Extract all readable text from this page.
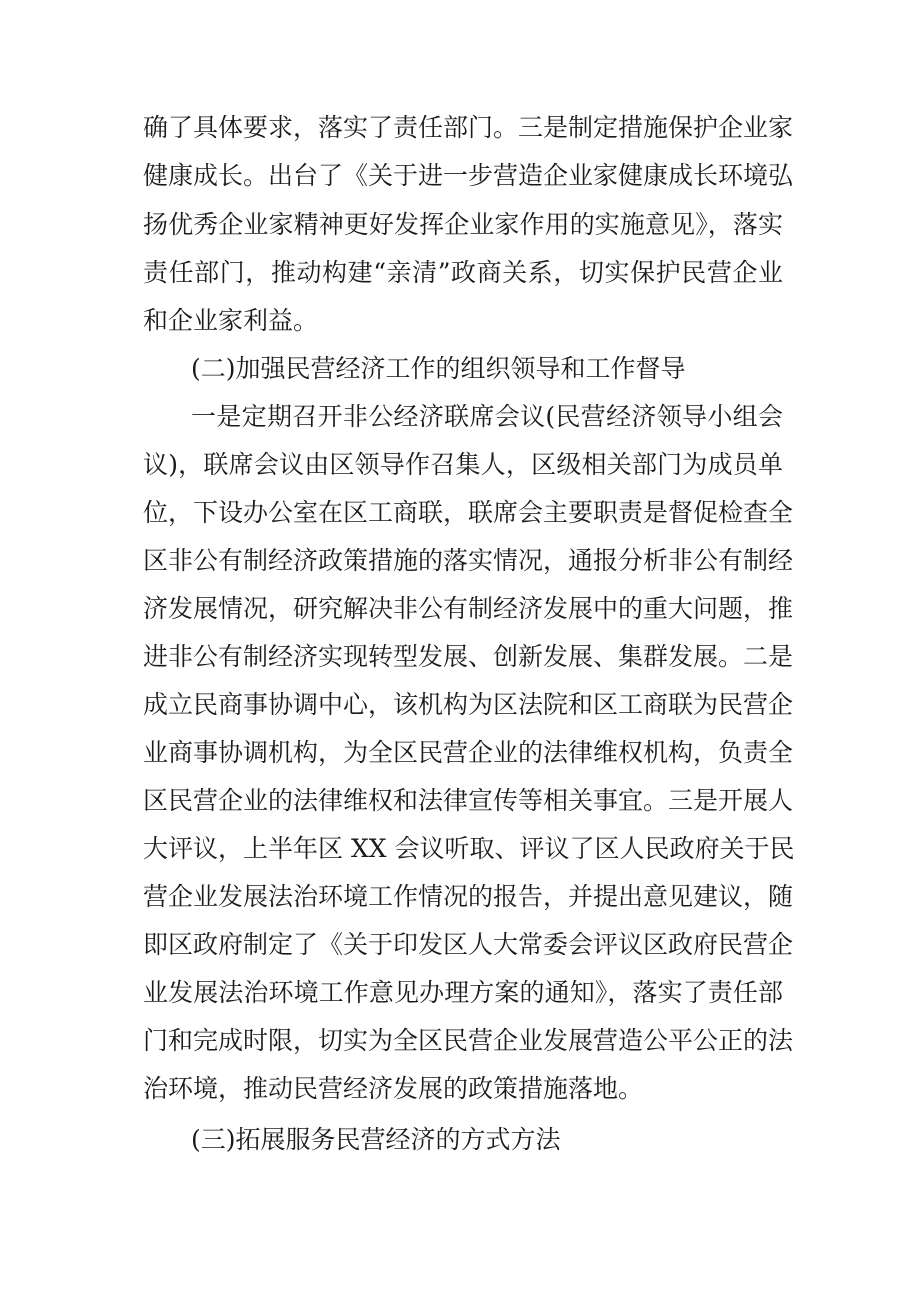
确了具体要求，落实了责任部门。三是制定措施保护企业家
健康成长。出台了《关于进一步营造企业家健康成长环境弘
扬优秀企业家精神更好发挥企业家作用的实施意见》，落实
责任部门，推动构建“亲清”政商关系，切实保护民营企业
和企业家利益。
(二)加强民营经济工作的组织领导和工作督导
一是定期召开非公经济联席会议(民营经济领导小组会
议)，联席会议由区领导作召集人，区级相关部门为成员单
位，下设办公室在区工商联，联席会主要职责是督促检查全
区非公有制经济政策措施的落实情况，通报分析非公有制经
济发展情况，研究解决非公有制经济发展中的重大问题，推
进非公有制经济实现转型发展、创新发展、集群发展。二是
成立民商事协调中心，该机构为区法院和区工商联为民营企
业商事协调机构，为全区民营企业的法律维权机构，负责全
区民营企业的法律维权和法律宣传等相关事宜。三是开展人
大评议，上半年区 XX 会议听取、评议了区人民政府关于民
营企业发展法治环境工作情况的报告，并提出意见建议，随
即区政府制定了《关于印发区人大常委会评议区政府民营企
业发展法治环境工作意见办理方案的通知》，落实了责任部
门和完成时限，切实为全区民营企业发展营造公平公正的法
治环境，推动民营经济发展的政策措施落地。
(三)拓展服务民营经济的方式方法
